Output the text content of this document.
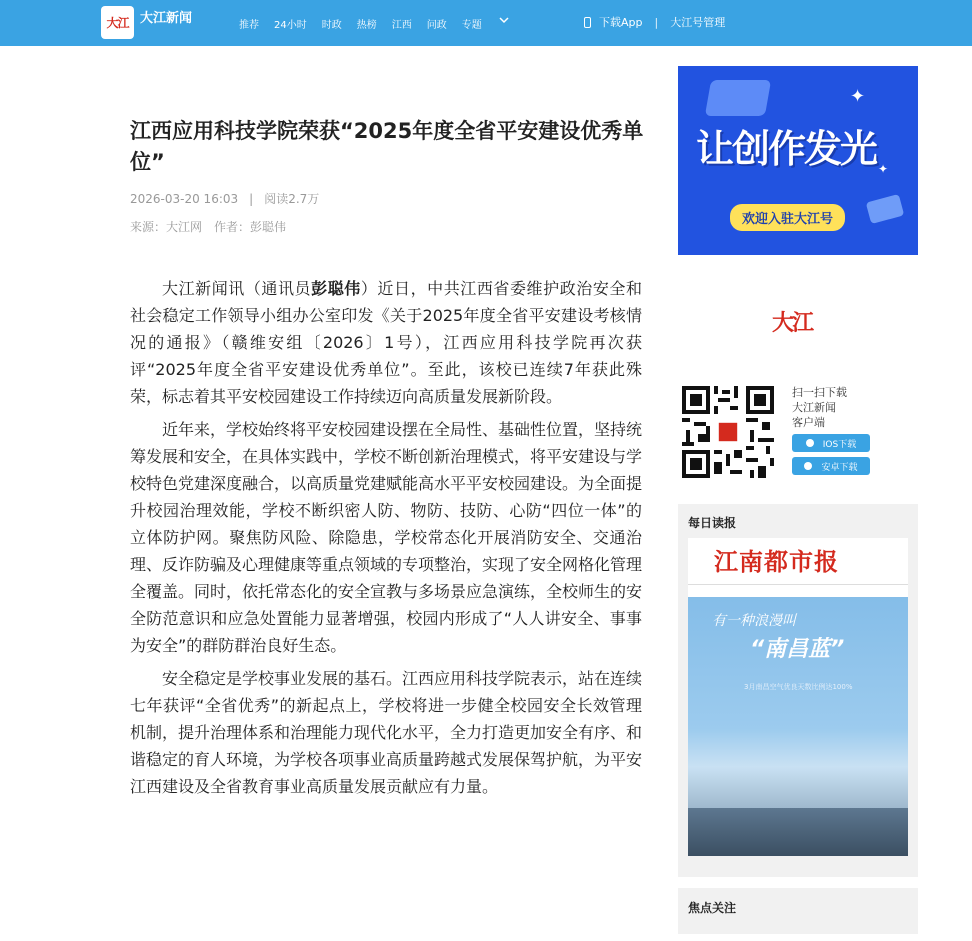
大江 大江新闻	推荐 24小时 时政 热榜 江西 问政 专题	下载App | 大江号管理
江西应用科技学院荣获“2025年度全省平安建设优秀单位”
2026-03-20 16:03 | 阅读2.7万
来源：大江网 作者：彭聪伟

大江新闻讯（通讯员彭聪伟）近日，中共江西省委维护政治安全和社会稳定工作领导小组办公室印发《关于2025年度全省平安建设考核情况的通报》（赣维安组〔2026〕1号），江西应用科技学院再次获评“2025年度全省平安建设优秀单位”。至此，该校已连续7年获此殊荣，标志着其平安校园建设工作持续迈向高质量发展新阶段。

近年来，学校始终将平安校园建设摆在全局性、基础性位置，坚持统筹发展和安全，在具体实践中，学校不断创新治理模式，将平安建设与学校特色党建深度融合，以高质量党建赋能高水平平安校园建设。为全面提升校园治理效能，学校不断织密人防、物防、技防、心防“四位一体”的立体防护网。聚焦防风险、除隐患，学校常态化开展消防安全、交通治理、反诈防骗及心理健康等重点领域的专项整治，实现了安全网格化管理全覆盖。同时，依托常态化的安全宣教与多场景应急演练，全校师生的安全防范意识和应急处置能力显著增强，校园内形成了“人人讲安全、事事为安全”的群防群治良好生态。

安全稳定是学校事业发展的基石。江西应用科技学院表示，站在连续七年获评“全省优秀”的新起点上，学校将进一步健全校园安全长效管理机制，提升治理体系和治理能力现代化水平，全力打造更加安全有序、和谐稳定的育人环境，为学校各项事业高质量跨越式发展保驾护航，为平安江西建设及全省教育事业高质量发展贡献应有力量。

✦
✦
让创作发光
欢迎入驻大江号
大江
扫一扫下载
大江新闻
客户端
IOS下载
安卓下载
每日读报
江南都市报
有一种浪漫叫
“南昌蓝”
3月南昌空气优良天数比例达100%
焦点关注
